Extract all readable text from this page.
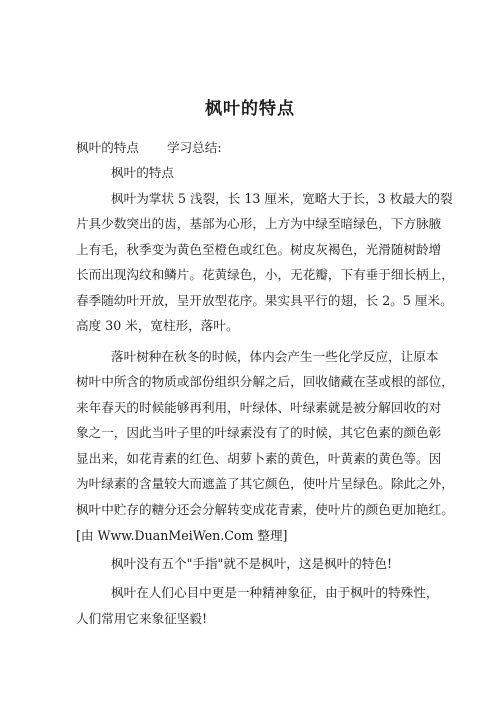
枫叶的特点
枫叶的特点 学习总结:
枫叶的特点
枫叶为掌状 5 浅裂，长 13 厘米，宽略大于长，3 枚最大的裂
片具少数突出的齿，基部为心形，上方为中绿至暗绿色，下方脉腋
上有毛，秋季变为黄色至橙色或红色。树皮灰褐色，光滑随树龄增
长而出现沟纹和鳞片。花黄绿色，小，无花瓣，下有垂于细长柄上，
春季随幼叶开放，呈开放型花序。果实具平行的翅，长 2。5 厘米。
高度 30 米，宽柱形，落叶。
落叶树种在秋冬的时候，体内会产生一些化学反应，让原本
树叶中所含的物质或部份组织分解之后，回收储藏在茎或根的部位，
来年春天的时候能够再利用，叶绿体、叶绿素就是被分解回收的对
象之一，因此当叶子里的叶绿素没有了的时候，其它色素的颜色彰
显出来，如花青素的红色、胡萝卜素的黄色，叶黄素的黄色等。因
为叶绿素的含量较大而遮盖了其它颜色，使叶片呈绿色。除此之外，
枫叶中贮存的糖分还会分解转变成花青素，使叶片的颜色更加艳红。
[由 Www.DuanMeiWen.Com 整理]
枫叶没有五个"手指"就不是枫叶，这是枫叶的特色!
枫叶在人们心目中更是一种精神象征，由于枫叶的特殊性，
人们常用它来象征坚毅!
